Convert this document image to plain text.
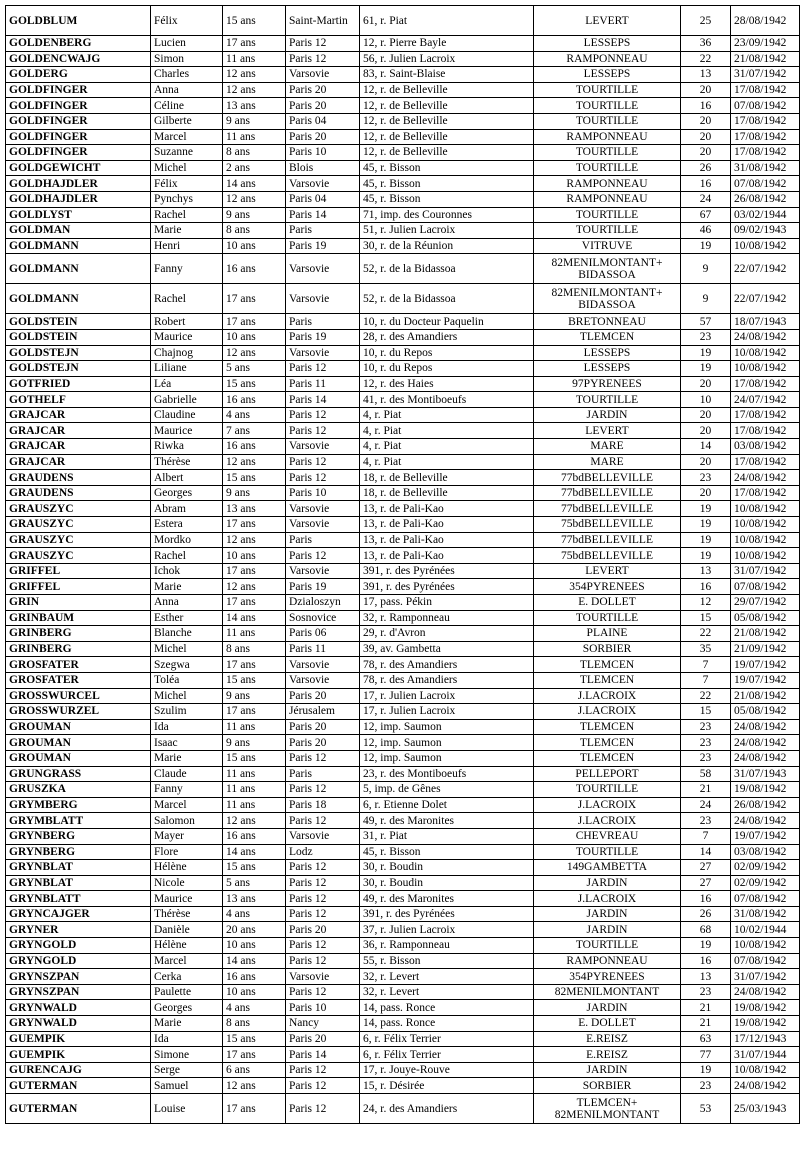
GOLDBLUM	Félix	15 ans	Saint-Martin	61, r. Piat	LEVERT	25	28/08/1942
GOLDENBERG	Lucien	17 ans	Paris 12	12, r. Pierre Bayle	LESSEPS	36	23/09/1942
GOLDENCWAJG	Simon	11 ans	Paris 12	56, r. Julien Lacroix	RAMPONNEAU	22	21/08/1942
GOLDERG	Charles	12 ans	Varsovie	83, r. Saint-Blaise	LESSEPS	13	31/07/1942
GOLDFINGER	Anna	12 ans	Paris 20	12, r. de Belleville	TOURTILLE	20	17/08/1942
GOLDFINGER	Céline	13 ans	Paris 20	12, r. de Belleville	TOURTILLE	16	07/08/1942
GOLDFINGER	Gilberte	9 ans	Paris 04	12, r. de Belleville	TOURTILLE	20	17/08/1942
GOLDFINGER	Marcel	11 ans	Paris 20	12, r. de Belleville	RAMPONNEAU	20	17/08/1942
GOLDFINGER	Suzanne	8 ans	Paris 10	12, r. de Belleville	TOURTILLE	20	17/08/1942
GOLDGEWICHT	Michel	2 ans	Blois	45, r. Bisson	TOURTILLE	26	31/08/1942
GOLDHAJDLER	Félix	14 ans	Varsovie	45, r. Bisson	RAMPONNEAU	16	07/08/1942
GOLDHAJDLER	Pynchys	12 ans	Paris 04	45, r. Bisson	RAMPONNEAU	24	26/08/1942
GOLDLYST	Rachel	9 ans	Paris 14	71, imp. des Couronnes	TOURTILLE	67	03/02/1944
GOLDMAN	Marie	8 ans	Paris	51, r. Julien Lacroix	TOURTILLE	46	09/02/1943
GOLDMANN	Henri	10 ans	Paris 19	30, r. de la Réunion	VITRUVE	19	10/08/1942
GOLDMANN	Fanny	16 ans	Varsovie	52, r. de la Bidassoa	82MENILMONTANT+ BIDASSOA	9	22/07/1942
GOLDMANN	Rachel	17 ans	Varsovie	52, r. de la Bidassoa	82MENILMONTANT+ BIDASSOA	9	22/07/1942
GOLDSTEIN	Robert	17 ans	Paris	10, r. du Docteur Paquelin	BRETONNEAU	57	18/07/1943
GOLDSTEIN	Maurice	10 ans	Paris 19	28, r. des Amandiers	TLEMCEN	23	24/08/1942
GOLDSTEJN	Chajnog	12 ans	Varsovie	10, r. du Repos	LESSEPS	19	10/08/1942
GOLDSTEJN	Liliane	5 ans	Paris 12	10, r. du Repos	LESSEPS	19	10/08/1942
GOTFRIED	Léa	15 ans	Paris 11	12, r. des Haies	97PYRENEES	20	17/08/1942
GOTHELF	Gabrielle	16 ans	Paris 14	41, r. des Montiboeufs	TOURTILLE	10	24/07/1942
GRAJCAR	Claudine	4 ans	Paris 12	4, r. Piat	JARDIN	20	17/08/1942
GRAJCAR	Maurice	7 ans	Paris 12	4, r. Piat	LEVERT	20	17/08/1942
GRAJCAR	Riwka	16 ans	Varsovie	4, r. Piat	MARE	14	03/08/1942
GRAJCAR	Thérèse	12 ans	Paris 12	4, r. Piat	MARE	20	17/08/1942
GRAUDENS	Albert	15 ans	Paris 12	18, r. de Belleville	77bdBELLEVILLE	23	24/08/1942
GRAUDENS	Georges	9 ans	Paris 10	18, r. de Belleville	77bdBELLEVILLE	20	17/08/1942
GRAUSZYC	Abram	13 ans	Varsovie	13, r. de Pali-Kao	77bdBELLEVILLE	19	10/08/1942
GRAUSZYC	Estera	17 ans	Varsovie	13, r. de Pali-Kao	75bdBELLEVILLE	19	10/08/1942
GRAUSZYC	Mordko	12 ans	Paris	13, r. de Pali-Kao	77bdBELLEVILLE	19	10/08/1942
GRAUSZYC	Rachel	10 ans	Paris 12	13, r. de Pali-Kao	75bdBELLEVILLE	19	10/08/1942
GRIFFEL	Ichok	17 ans	Varsovie	391, r. des Pyrénées	LEVERT	13	31/07/1942
GRIFFEL	Marie	12 ans	Paris 19	391, r. des Pyrénées	354PYRENEES	16	07/08/1942
GRIN	Anna	17 ans	Dzialoszyn	17, pass. Pékin	E. DOLLET	12	29/07/1942
GRINBAUM	Esther	14 ans	Sosnovice	32, r. Ramponneau	TOURTILLE	15	05/08/1942
GRINBERG	Blanche	11 ans	Paris 06	29, r. d'Avron	PLAINE	22	21/08/1942
GRINBERG	Michel	8 ans	Paris 11	39, av. Gambetta	SORBIER	35	21/09/1942
GROSFATER	Szegwa	17 ans	Varsovie	78, r. des Amandiers	TLEMCEN	7	19/07/1942
GROSFATER	Toléa	15 ans	Varsovie	78, r. des Amandiers	TLEMCEN	7	19/07/1942
GROSSWURCEL	Michel	9 ans	Paris 20	17, r. Julien Lacroix	J.LACROIX	22	21/08/1942
GROSSWURZEL	Szulim	17 ans	Jérusalem	17, r. Julien Lacroix	J.LACROIX	15	05/08/1942
GROUMAN	Ida	11 ans	Paris 20	12, imp. Saumon	TLEMCEN	23	24/08/1942
GROUMAN	Isaac	9 ans	Paris 20	12, imp. Saumon	TLEMCEN	23	24/08/1942
GROUMAN	Marie	15 ans	Paris 12	12, imp. Saumon	TLEMCEN	23	24/08/1942
GRUNGRASS	Claude	11 ans	Paris	23, r. des Montiboeufs	PELLEPORT	58	31/07/1943
GRUSZKA	Fanny	11 ans	Paris 12	5, imp. de Gênes	TOURTILLE	21	19/08/1942
GRYMBERG	Marcel	11 ans	Paris 18	6, r. Etienne Dolet	J.LACROIX	24	26/08/1942
GRYMBLATT	Salomon	12 ans	Paris 12	49, r. des Maronites	J.LACROIX	23	24/08/1942
GRYNBERG	Mayer	16 ans	Varsovie	31, r. Piat	CHEVREAU	7	19/07/1942
GRYNBERG	Flore	14 ans	Lodz	45, r. Bisson	TOURTILLE	14	03/08/1942
GRYNBLAT	Hélène	15 ans	Paris 12	30, r. Boudin	149GAMBETTA	27	02/09/1942
GRYNBLAT	Nicole	5 ans	Paris 12	30, r. Boudin	JARDIN	27	02/09/1942
GRYNBLATT	Maurice	13 ans	Paris 12	49, r. des Maronites	J.LACROIX	16	07/08/1942
GRYNCAJGER	Thérèse	4 ans	Paris 12	391, r. des Pyrénées	JARDIN	26	31/08/1942
GRYNER	Danièle	20 ans	Paris 20	37, r. Julien Lacroix	JARDIN	68	10/02/1944
GRYNGOLD	Hélène	10 ans	Paris 12	36, r. Ramponneau	TOURTILLE	19	10/08/1942
GRYNGOLD	Marcel	14 ans	Paris 12	55, r. Bisson	RAMPONNEAU	16	07/08/1942
GRYNSZPAN	Cerka	16 ans	Varsovie	32, r. Levert	354PYRENEES	13	31/07/1942
GRYNSZPAN	Paulette	10 ans	Paris 12	32, r. Levert	82MENILMONTANT	23	24/08/1942
GRYNWALD	Georges	4 ans	Paris 10	14, pass. Ronce	JARDIN	21	19/08/1942
GRYNWALD	Marie	8 ans	Nancy	14, pass. Ronce	E. DOLLET	21	19/08/1942
GUEMPIK	Ida	15 ans	Paris 20	6, r. Félix Terrier	E.REISZ	63	17/12/1943
GUEMPIK	Simone	17 ans	Paris 14	6, r. Félix Terrier	E.REISZ	77	31/07/1944
GURENCAJG	Serge	6 ans	Paris 12	17, r. Jouye-Rouve	JARDIN	19	10/08/1942
GUTERMAN	Samuel	12 ans	Paris 12	15, r. Désirée	SORBIER	23	24/08/1942
GUTERMAN	Louise	17 ans	Paris 12	24, r. des Amandiers	TLEMCEN+ 82MENILMONTANT	53	25/03/1943
